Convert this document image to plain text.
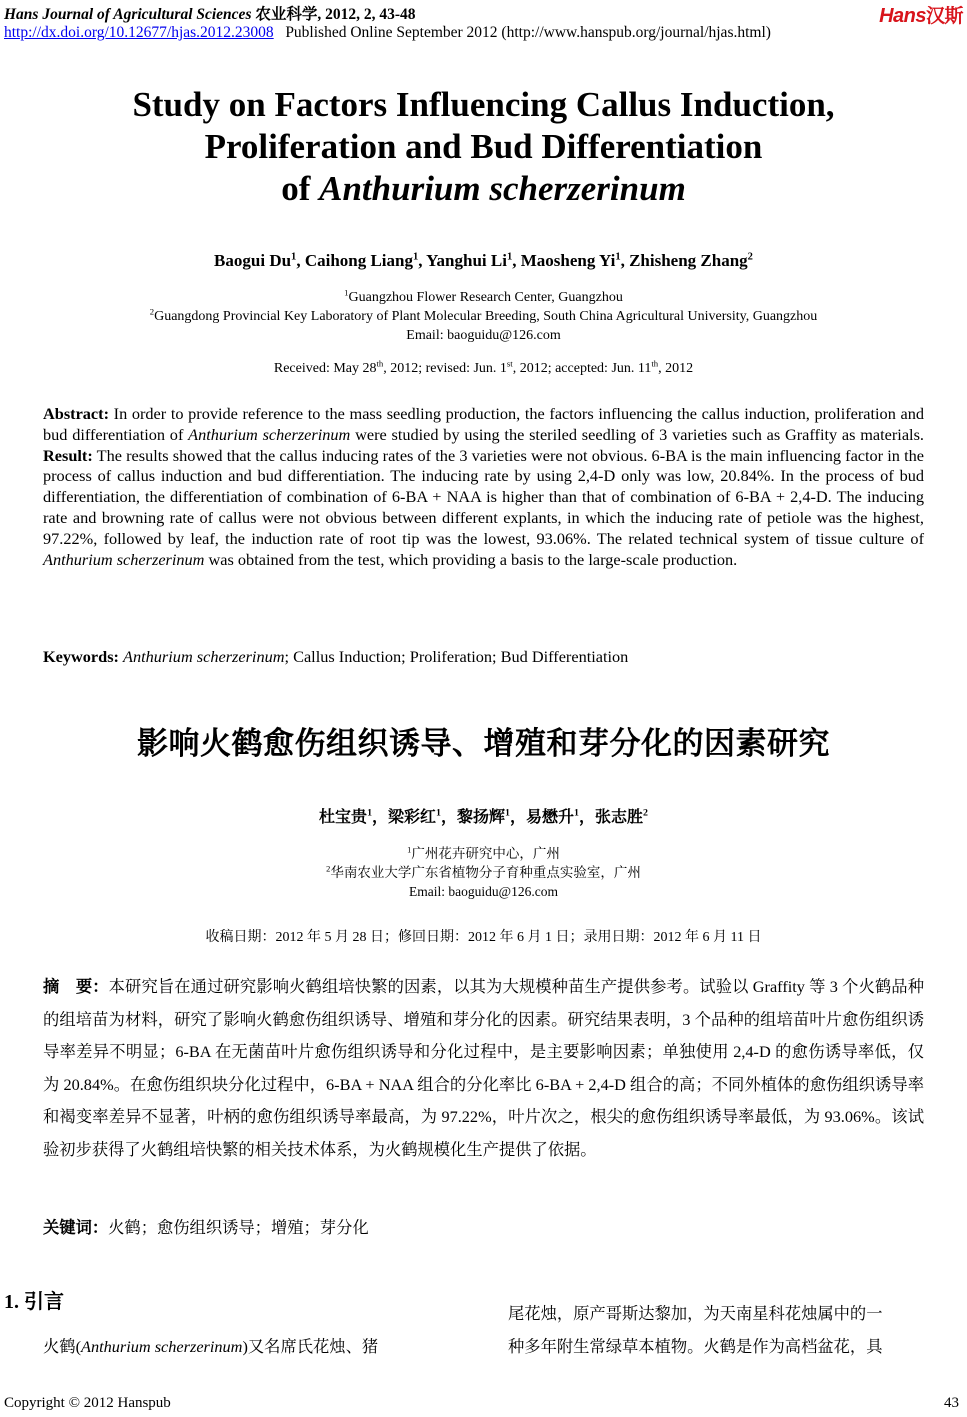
Hans Journal of Agricultural Sciences 农业科学, 2012, 2, 43-48	Hans汉斯
http://dx.doi.org/10.12677/hjas.2012.23008 Published Online September 2012 (http://www.hanspub.org/journal/hjas.html)
Study on Factors Influencing Callus Induction,
Proliferation and Bud Differentiation
of Anthurium scherzerinum
Baogui Du$^1$, Caihong Liang$^1$, Yanghui Li$^1$, Maosheng Yi$^1$, Zhisheng Zhang$^2$
$^1$Guangzhou Flower Research Center, Guangzhou
$^2$Guangdong Provincial Key Laboratory of Plant Molecular Breeding, South China Agricultural University, Guangzhou
Email: baoguidu@126.com
Received: May 28th, 2012; revised: Jun. 1st, 2012; accepted: Jun. 11th, 2012
Abstract: In order to provide reference to the mass seedling production, the factors influencing the callus induction, proliferation and bud differentiation of Anthurium scherzerinum were studied by using the steriled seedling of 3 varieties such as Graffity as materials. Result: The results showed that the callus inducing rates of the 3 varieties were not obvious. 6-BA is the main influencing factor in the process of callus induction and bud differentiation. The inducing rate by using 2,4-D only was low, 20.84%. In the process of bud differentiation, the differentiation of combination of 6-BA + NAA is higher than that of combination of 6-BA + 2,4-D. The inducing rate and browning rate of callus were not obvious between different explants, in which the inducing rate of petiole was the highest, 97.22%, followed by leaf, the induction rate of root tip was the lowest, 93.06%. The related technical system of tissue culture of Anthurium scherzerinum was obtained from the test, which providing a basis to the large-scale production.
Keywords: Anthurium scherzerinum; Callus Induction; Proliferation; Bud Differentiation
影响火鹤愈伤组织诱导、增殖和芽分化的因素研究
杜宝贵$^1$，梁彩红$^1$，黎扬辉$^1$，易懋升$^1$，张志胜$^2$
$^1$广州花卉研究中心，广州
$^2$华南农业大学广东省植物分子育种重点实验室，广州
Email: baoguidu@126.com
收稿日期：2012 年 5 月 28 日；修回日期：2012 年 6 月 1 日；录用日期：2012 年 6 月 11 日
摘　要：本研究旨在通过研究影响火鹤组培快繁的因素，以其为大规模种苗生产提供参考。试验以 Graffity 等 3 个火鹤品种的组培苗为材料，研究了影响火鹤愈伤组织诱导、增殖和芽分化的因素。研究结果表明，3 个品种的组培苗叶片愈伤组织诱导率差异不明显；6-BA 在无菌苗叶片愈伤组织诱导和分化过程中，是主要影响因素；单独使用 2,4-D 的愈伤诱导率低，仅为 20.84%。在愈伤组织块分化过程中，6-BA + NAA 组合的分化率比 6-BA + 2,4-D 组合的高；不同外植体的愈伤组织诱导率和褐变率差异不显著，叶柄的愈伤组织诱导率最高，为 97.22%，叶片次之，根尖的愈伤组织诱导率最低，为 93.06%。该试验初步获得了火鹤组培快繁的相关技术体系，为火鹤规模化生产提供了依据。
关键词：火鹤；愈伤组织诱导；增殖；芽分化
1. 引言
火鹤(Anthurium scherzerinum)又名席氏花烛、猪
尾花烛，原产哥斯达黎加，为天南星科花烛属中的一
种多年附生常绿草本植物。火鹤是作为高档盆花，具
Copyright © 2012 Hanspub	43
